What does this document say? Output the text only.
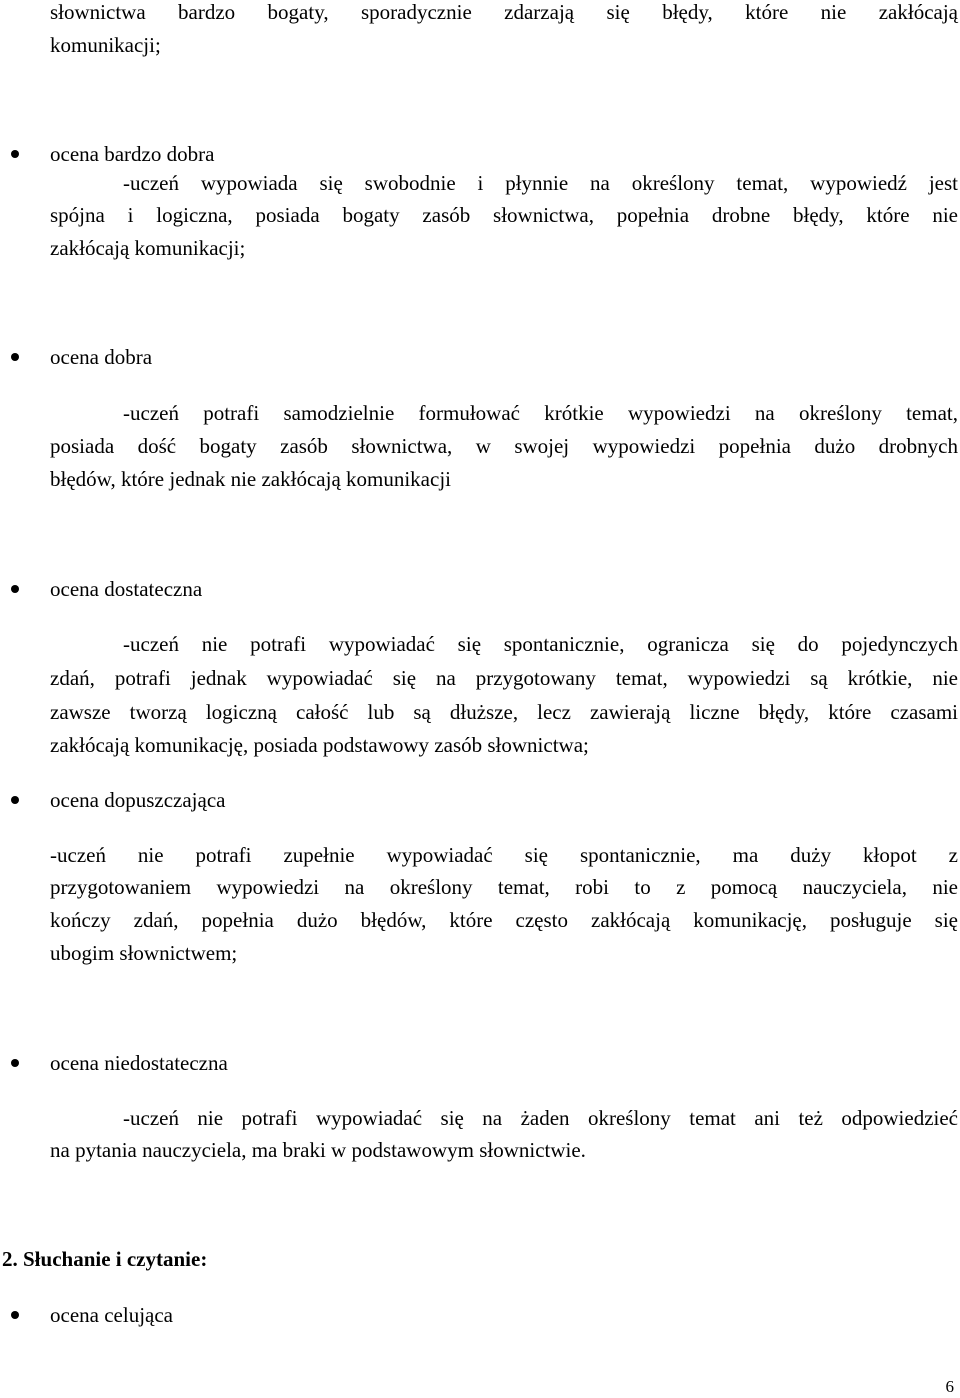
słownictwa bardzo bogaty, sporadycznie zdarzają się błędy, które nie zakłócają
komunikacji;
ocena bardzo dobra
-uczeń wypowiada się swobodnie i płynnie na określony temat, wypowiedź jest
spójna i logiczna, posiada bogaty zasób słownictwa, popełnia drobne błędy, które nie
zakłócają komunikacji;
ocena dobra
-uczeń potrafi samodzielnie formułować krótkie wypowiedzi na określony temat,
posiada dość bogaty zasób słownictwa, w swojej wypowiedzi popełnia dużo drobnych
błędów, które jednak nie zakłócają komunikacji
ocena dostateczna
-uczeń nie potrafi wypowiadać się spontanicznie, ogranicza się do pojedynczych
zdań, potrafi jednak wypowiadać się na przygotowany temat, wypowiedzi są krótkie, nie
zawsze tworzą logiczną całość lub są dłuższe, lecz zawierają liczne błędy, które czasami
zakłócają komunikację, posiada podstawowy zasób słownictwa;
ocena dopuszczająca
-uczeń nie potrafi zupełnie wypowiadać się spontanicznie, ma duży kłopot z
przygotowaniem wypowiedzi na określony temat, robi to z pomocą nauczyciela, nie
kończy zdań, popełnia dużo błędów, które często zakłócają komunikację, posługuje się
ubogim słownictwem;
ocena niedostateczna
-uczeń nie potrafi wypowiadać się na żaden określony temat ani też odpowiedzieć
na pytania nauczyciela, ma braki w podstawowym słownictwie.
2. Słuchanie i czytanie:
ocena celująca
6
